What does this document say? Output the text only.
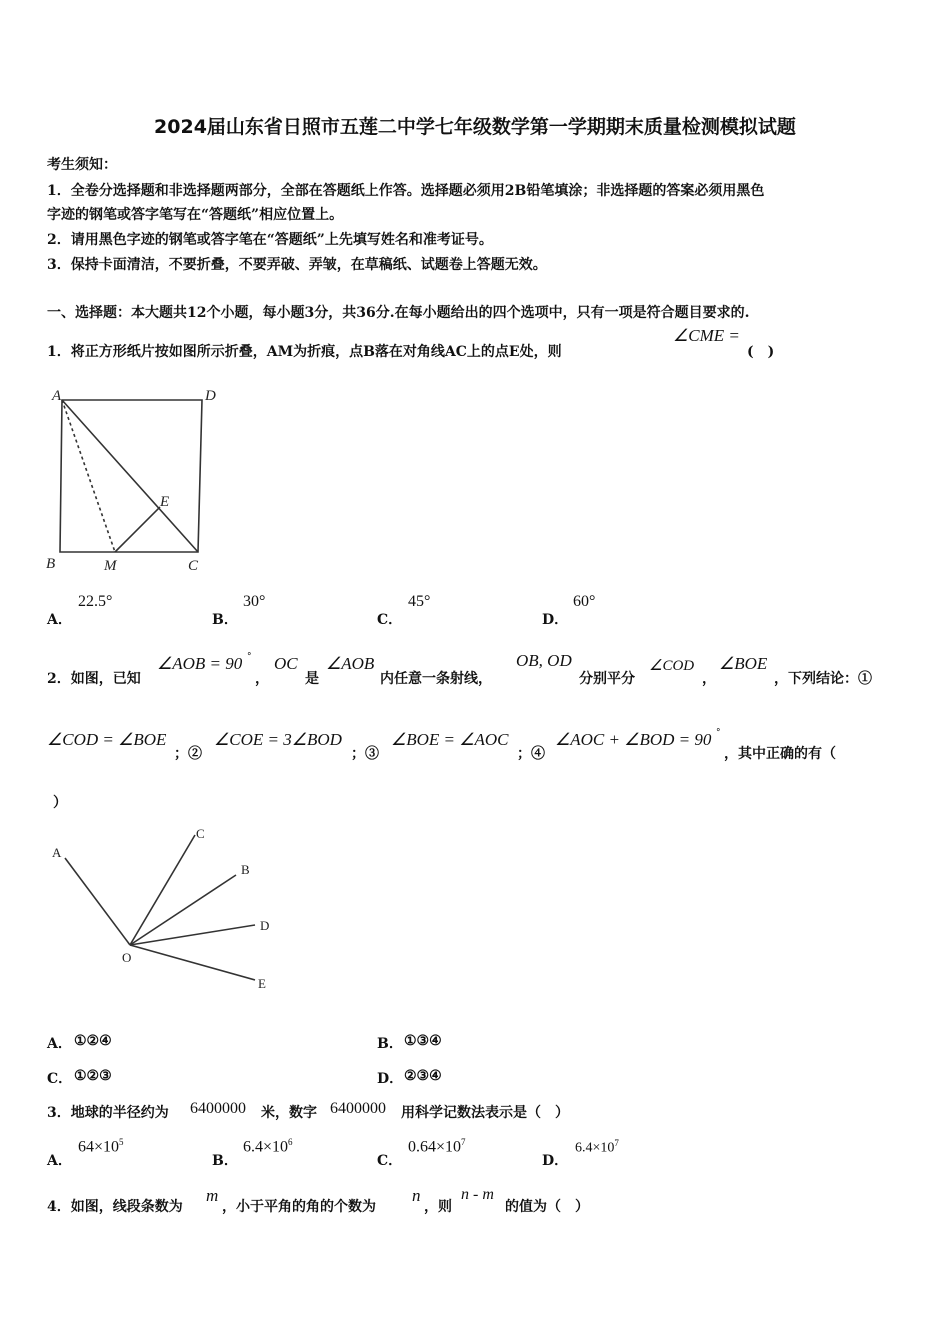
2024届山东省日照市五莲二中学七年级数学第一学期期末质量检测模拟试题
考生须知：
1．全卷分选择题和非选择题两部分，全部在答题纸上作答。选择题必须用2B铅笔填涂；非选择题的答案必须用黑色
字迹的钢笔或答字笔写在“答题纸”相应位置上。
2．请用黑色字迹的钢笔或答字笔在“答题纸”上先填写姓名和准考证号。
3．保持卡面清洁，不要折叠，不要弄破、弄皱，在草稿纸、试题卷上答题无效。
一、选择题：本大题共12个小题，每小题3分，共36分.在每小题给出的四个选项中，只有一项是符合题目要求的.
1．将正方形纸片按如图所示折叠，AM为折痕，点B落在对角线AC上的点E处，则
∠CME =
(　)
A	D
B	M	C
E
A．
22.5°
B．
30°
C．
45°
D．
60°
2．如图，已知
∠AOB = 90 °
，
OC
是
∠AOB
内任意一条射线，
OB, OD
分别平分
∠COD
，
∠BOE
，下列结论：①
∠COD = ∠BOE
；②
∠COE = 3∠BOD
；③
∠BOE = ∠AOC
；④
∠AOC + ∠BOD = 90 °
，其中正确的有（
）
A
C
B
D
O
E
A． ①②④	B． ①③④
C． ①②③	D． ②③④
3．地球的半径约为 6400000 米，数字 6400000 用科学记数法表示是（　）
A．
$64\times 10^5$
B．
$6.4\times 10^6$
C．
$0.64\times 10^7$
D．
$6.4\times 10^7$
4．如图，线段条数为
m
，小于平角的角的个数为
n
，则
n - m
的值为（　）
